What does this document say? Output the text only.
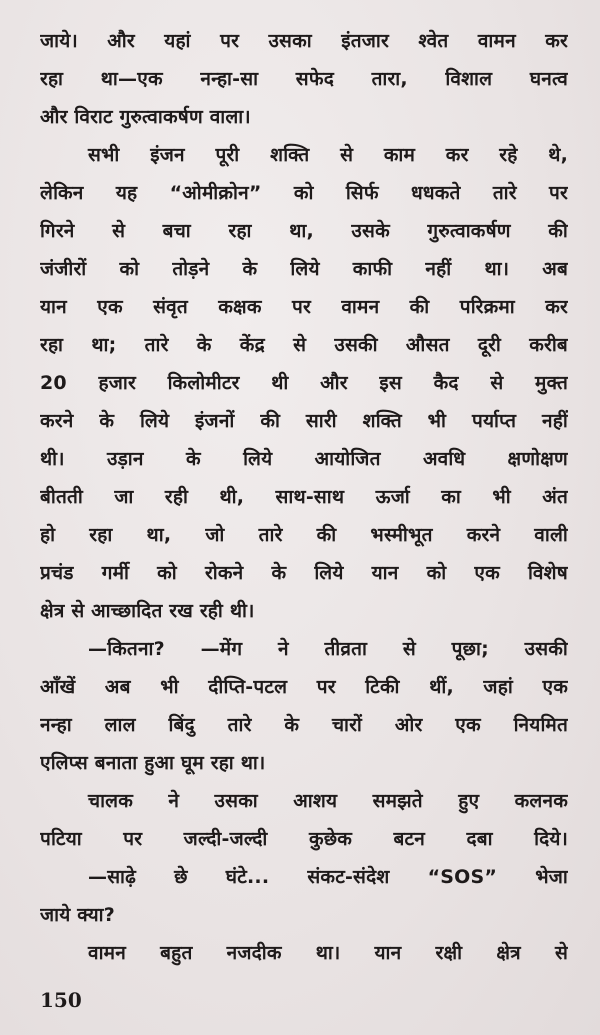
जाये। और यहां पर उसका इंतजार श्वेत वामन कर
रहा था—एक नन्हा-सा सफेद तारा, विशाल घनत्व
और विराट गुरुत्वाकर्षण वाला।
सभी इंजन पूरी शक्ति से काम कर रहे थे,
लेकिन यह “ओमीक्रोन” को सिर्फ धधकते तारे पर
गिरने से बचा रहा था, उसके गुरुत्वाकर्षण की
जंजीरों को तोड़ने के लिये काफी नहीं था। अब
यान एक संवृत कक्षक पर वामन की परिक्रमा कर
रहा था; तारे के केंद्र से उसकी औसत दूरी करीब
20 हजार किलोमीटर थी और इस कैद से मुक्त
करने के लिये इंजनों की सारी शक्ति भी पर्याप्त नहीं
थी। उड़ान के लिये आयोजित अवधि क्षणोक्षण
बीतती जा रही थी, साथ-साथ ऊर्जा का भी अंत
हो रहा था, जो तारे की भस्मीभूत करने वाली
प्रचंड गर्मी को रोकने के लिये यान को एक विशेष
क्षेत्र से आच्छादित रख रही थी।
—कितना? —मेंग ने तीव्रता से पूछा; उसकी
आँखें अब भी दीप्ति-पटल पर टिकी थीं, जहां एक
नन्हा लाल बिंदु तारे के चारों ओर एक नियमित
एलिप्स बनाता हुआ घूम रहा था।
चालक ने उसका आशय समझते हुए कलनक
पटिया पर जल्दी-जल्दी कुछेक बटन दबा दिये।
—साढ़े छे घंटे... संकट-संदेश “SOS” भेजा
जाये क्या?
वामन बहुत नजदीक था। यान रक्षी क्षेत्र से
150
